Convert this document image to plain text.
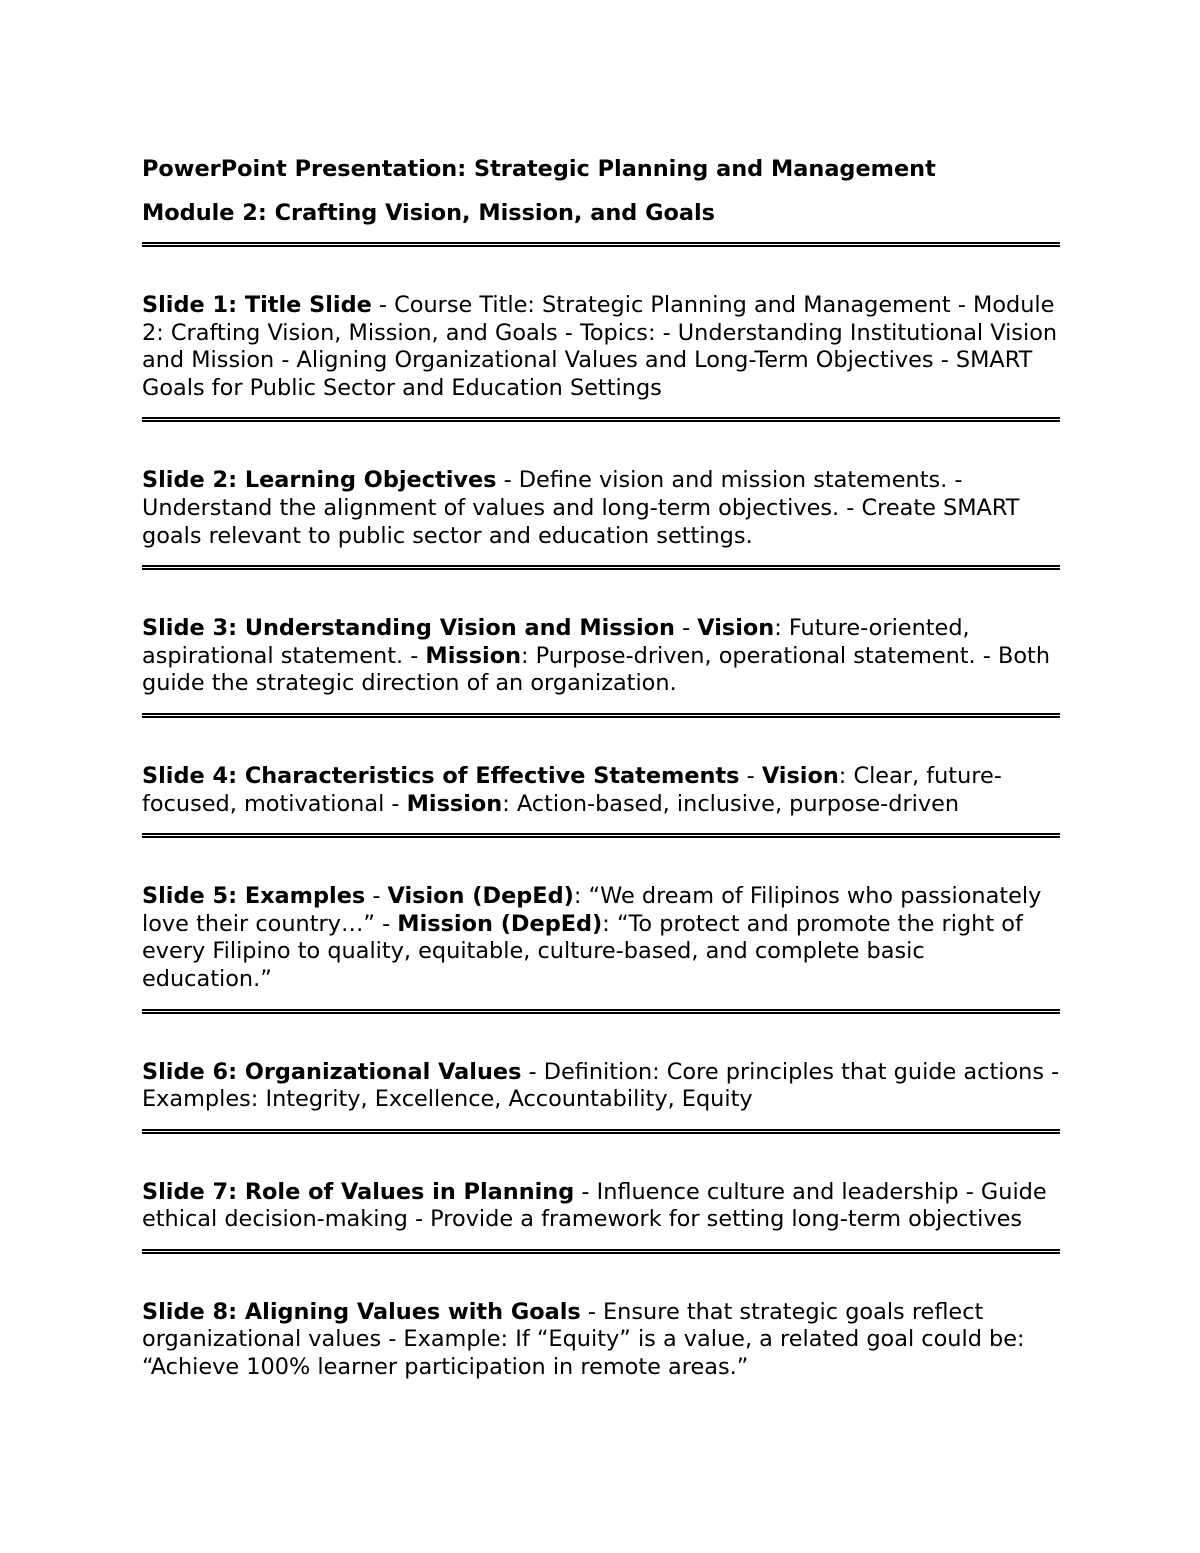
PowerPoint Presentation: Strategic Planning and Management

Module 2: Crafting Vision, Mission, and Goals

Slide 1: Title Slide - Course Title: Strategic Planning and Management - Module 2: Crafting Vision, Mission, and Goals - Topics: - Understanding Institutional Vision and Mission - Aligning Organizational Values and Long-Term Objectives - SMART Goals for Public Sector and Education Settings

Slide 2: Learning Objectives - Define vision and mission statements. - Understand the alignment of values and long-term objectives. - Create SMART goals relevant to public sector and education settings.

Slide 3: Understanding Vision and Mission - Vision: Future-oriented, aspirational statement. - Mission: Purpose-driven, operational statement. - Both guide the strategic direction of an organization.

Slide 4: Characteristics of Effective Statements - Vision: Clear, future-focused, motivational - Mission: Action-based, inclusive, purpose-driven

Slide 5: Examples - Vision (DepEd): “We dream of Filipinos who passionately love their country…” - Mission (DepEd): “To protect and promote the right of every Filipino to quality, equitable, culture-based, and complete basic education.”

Slide 6: Organizational Values - Definition: Core principles that guide actions - Examples: Integrity, Excellence, Accountability, Equity

Slide 7: Role of Values in Planning - Influence culture and leadership - Guide ethical decision-making - Provide a framework for setting long-term objectives

Slide 8: Aligning Values with Goals - Ensure that strategic goals reflect organizational values - Example: If “Equity” is a value, a related goal could be: “Achieve 100% learner participation in remote areas.”
